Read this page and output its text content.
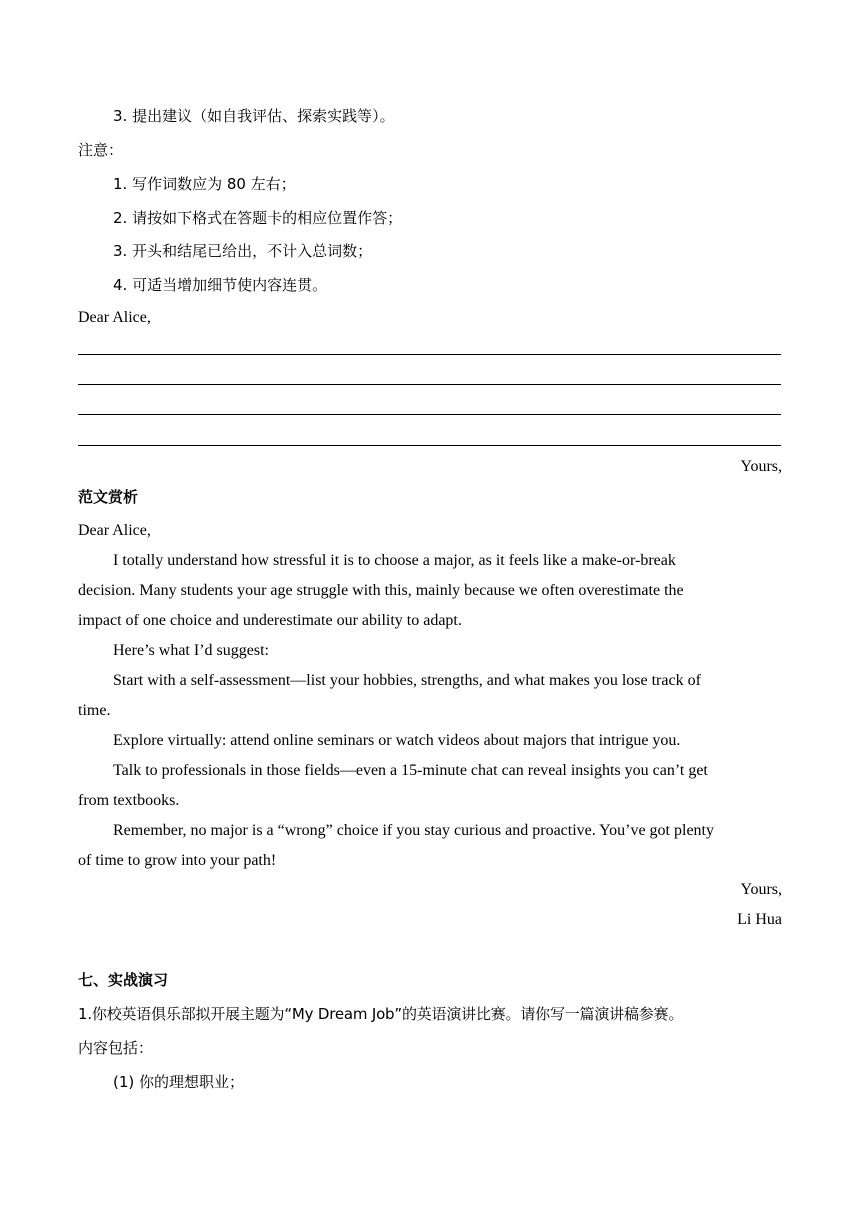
3. 提出建议（如自我评估、探索实践等）。
注意：
1. 写作词数应为 80 左右；
2. 请按如下格式在答题卡的相应位置作答；
3. 开头和结尾已给出，不计入总词数；
4. 可适当增加细节使内容连贯。
Dear Alice,
Yours,
范文赏析
Dear Alice,
I totally understand how stressful it is to choose a major, as it feels like a make-or-break
decision. Many students your age struggle with this, mainly because we often overestimate the
impact of one choice and underestimate our ability to adapt.
Here’s what I’d suggest:
Start with a self-assessment—list your hobbies, strengths, and what makes you lose track of
time.
Explore virtually: attend online seminars or watch videos about majors that intrigue you.
Talk to professionals in those fields—even a 15-minute chat can reveal insights you can’t get
from textbooks.
Remember, no major is a “wrong” choice if you stay curious and proactive. You’ve got plenty
of time to grow into your path!
Yours,
Li Hua
七、实战演习
1.你校英语俱乐部拟开展主题为“My Dream Job”的英语演讲比赛。请你写一篇演讲稿参赛。
内容包括：
(1) 你的理想职业；
